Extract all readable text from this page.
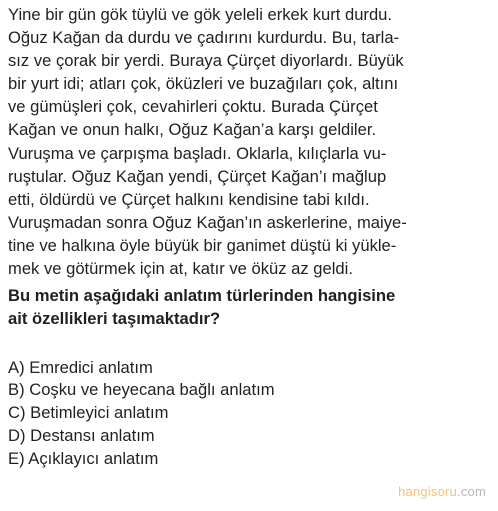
Yine bir gün gök tüylü ve gök yeleli erkek kurt durdu.
Oğuz Kağan da durdu ve çadırını kurdurdu. Bu, tarla-
sız ve çorak bir yerdi. Buraya Çürçet diyorlardı. Büyük
bir yurt idi; atları çok, öküzleri ve buzağıları çok, altını
ve gümüşleri çok, cevahirleri çoktu. Burada Çürçet
Kağan ve onun halkı, Oğuz Kağan’a karşı geldiler.
Vuruşma ve çarpışma başladı. Oklarla, kılıçlarla vu-
ruştular. Oğuz Kağan yendi, Çürçet Kağan’ı mağlup
etti, öldürdü ve Çürçet halkını kendisine tabi kıldı.
Vuruşmadan sonra Oğuz Kağan’ın askerlerine, maiye-
tine ve halkına öyle büyük bir ganimet düştü ki yükle-
mek ve götürmek için at, katır ve öküz az geldi.

Bu metin aşağıdaki anlatım türlerinden hangisine
ait özellikleri taşımaktadır?

A) Emredici anlatım
B) Coşku ve heyecana bağlı anlatım
C) Betimleyici anlatım
D) Destansı anlatım
E) Açıklayıcı anlatım
hangisoru.com
